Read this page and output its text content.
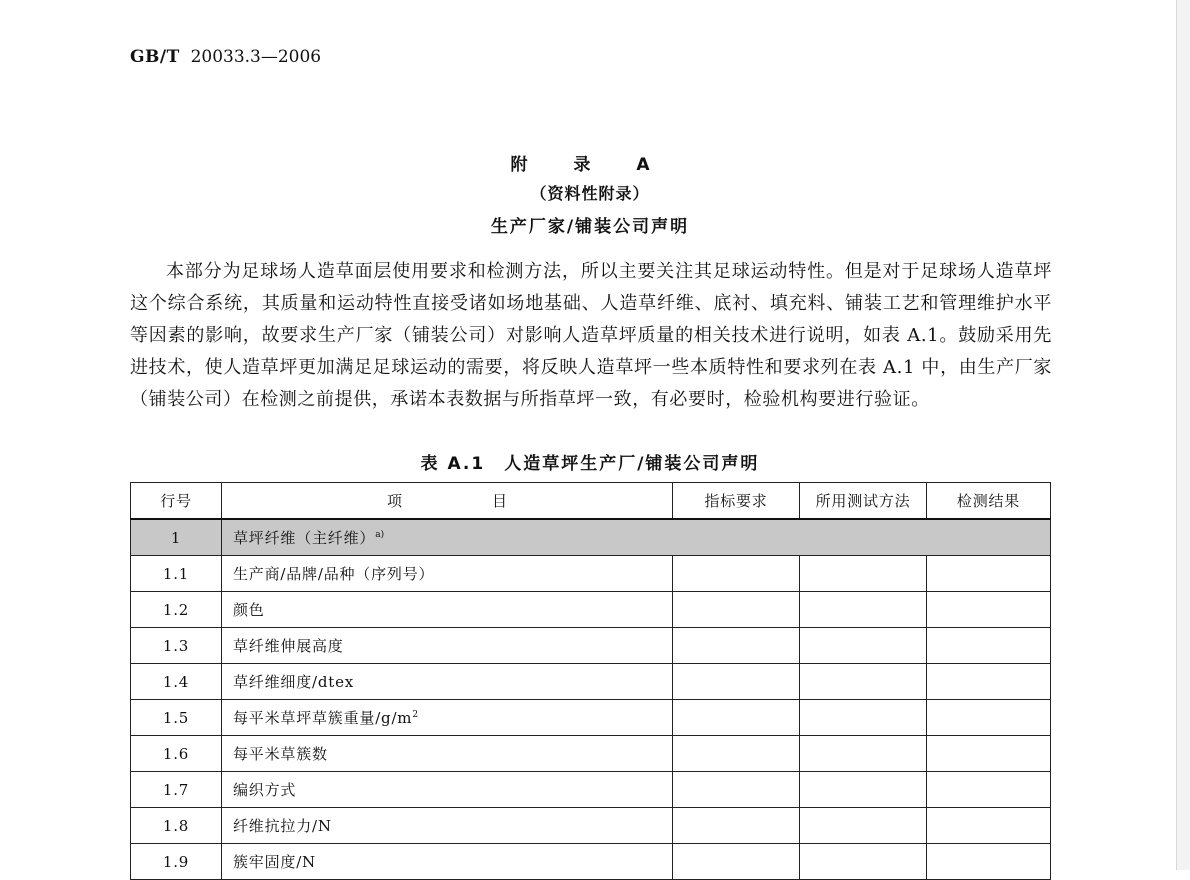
GB/T 20033.3—2006
附 录 A
（资料性附录）
生产厂家/铺装公司声明

本部分为足球场人造草面层使用要求和检测方法，所以主要关注其足球运动特性。但是对于足球场人造草坪这个综合系统，其质量和运动特性直接受诸如场地基础、人造草纤维、底衬、填充料、铺装工艺和管理维护水平等因素的影响，故要求生产厂家（铺装公司）对影响人造草坪质量的相关技术进行说明，如表 A.1。鼓励采用先进技术，使人造草坪更加满足足球运动的需要，将反映人造草坪一些本质特性和要求列在表 A.1 中，由生产厂家（铺装公司）在检测之前提供，承诺本表数据与所指草坪一致，有必要时，检验机构要进行验证。

表 A.1　人造草坪生产厂/铺装公司声明
行号	项目	指标要求	所用测试方法	检测结果
1	草坪纤维（主纤维）$^{a)}$
1.1	生产商/品牌/品种（序列号）			
1.2	颜色			
1.3	草纤维伸展高度			
1.4	草纤维细度/dtex			
1.5	每平米草坪草簇重量$/g/m^2$			
1.6	每平米草簇数			
1.7	编织方式			
1.8	纤维抗拉力/N			
1.9	簇牢固度/N			
